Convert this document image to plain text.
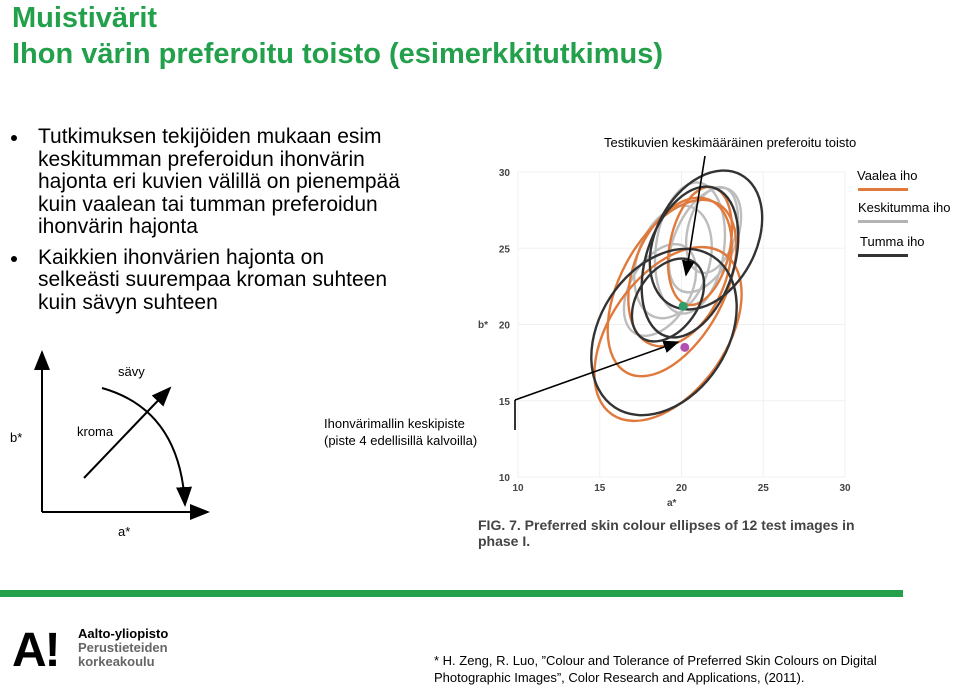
Muistivärit
Ihon värin preferoitu toisto (esimerkkitutkimus)
Tutkimuksen tekijöiden mukaan esim
keskitumman preferoidun ihonvärin
hajonta eri kuvien välillä on pienempää
kuin vaalean tai tumman preferoidun
ihonvärin hajonta
Kaikkien ihonvärien hajonta on
selkeästi suurempaa kroman suhteen
kuin sävyn suhteen
10	15	20	25	30
30
25
20
15
10
b*
a*
sävy
kroma
b*
a*
Testikuvien keskimääräinen preferoitu toisto
Ihonvärimallin keskipiste
(piste 4 edellisillä kalvoilla)
Vaalea iho
Keskitumma iho
Tumma iho
FIG. 7. Preferred skin colour ellipses of 12 test images in
phase I.
A! Aalto-yliopisto
Perustieteiden
korkeakoulu	* H. Zeng, R. Luo, ”Colour and Tolerance of Preferred Skin Colours on Digital
Photographic Images”, Color Research and Applications, (2011).
